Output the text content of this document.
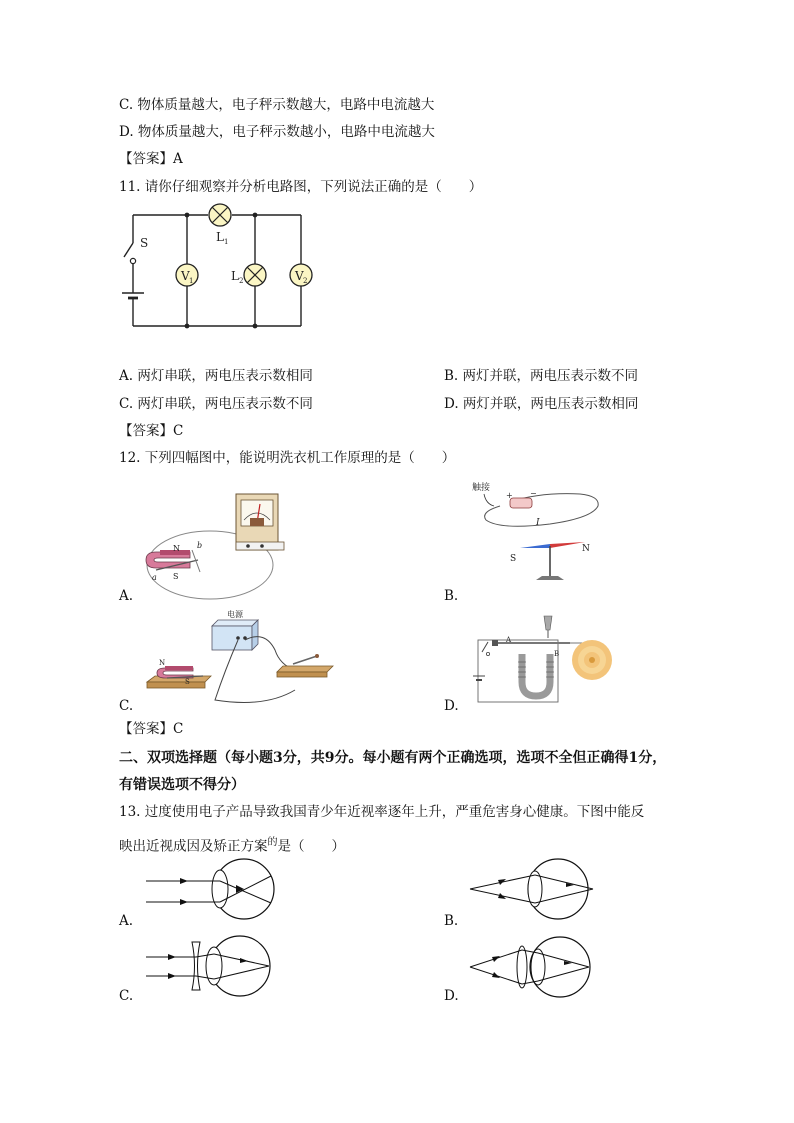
C. 物体质量越大，电子秤示数越大，电路中电流越大
D. 物体质量越大，电子秤示数越小，电路中电流越大
【答案】A
11. 请你仔细观察并分析电路图，下列说法正确的是（　　）
V 1	V 2
S	L 1
L 2
A. 两灯串联，两电压表示数相同	B. 两灯并联，两电压表示数不同
C. 两灯串联，两电压表示数不同	D. 两灯并联，两电压表示数相同
【答案】C
12. 下列四幅图中，能说明洗衣机工作原理的是（　　）
N
S
a
b
A.
触接
+ −
I
S
N
B.
电源
N
S
C.
A
B
D.
【答案】C
二、双项选择题（每小题3分，共9分。每小题有两个正确选项，选项不全但正确得1分，
有错误选项不得分）
13. 过度使用电子产品导致我国青少年近视率逐年上升，严重危害身心健康。下图中能反
映出近视成因及矫正方案$^的$是（　　）
A.	B.
C.	D.
